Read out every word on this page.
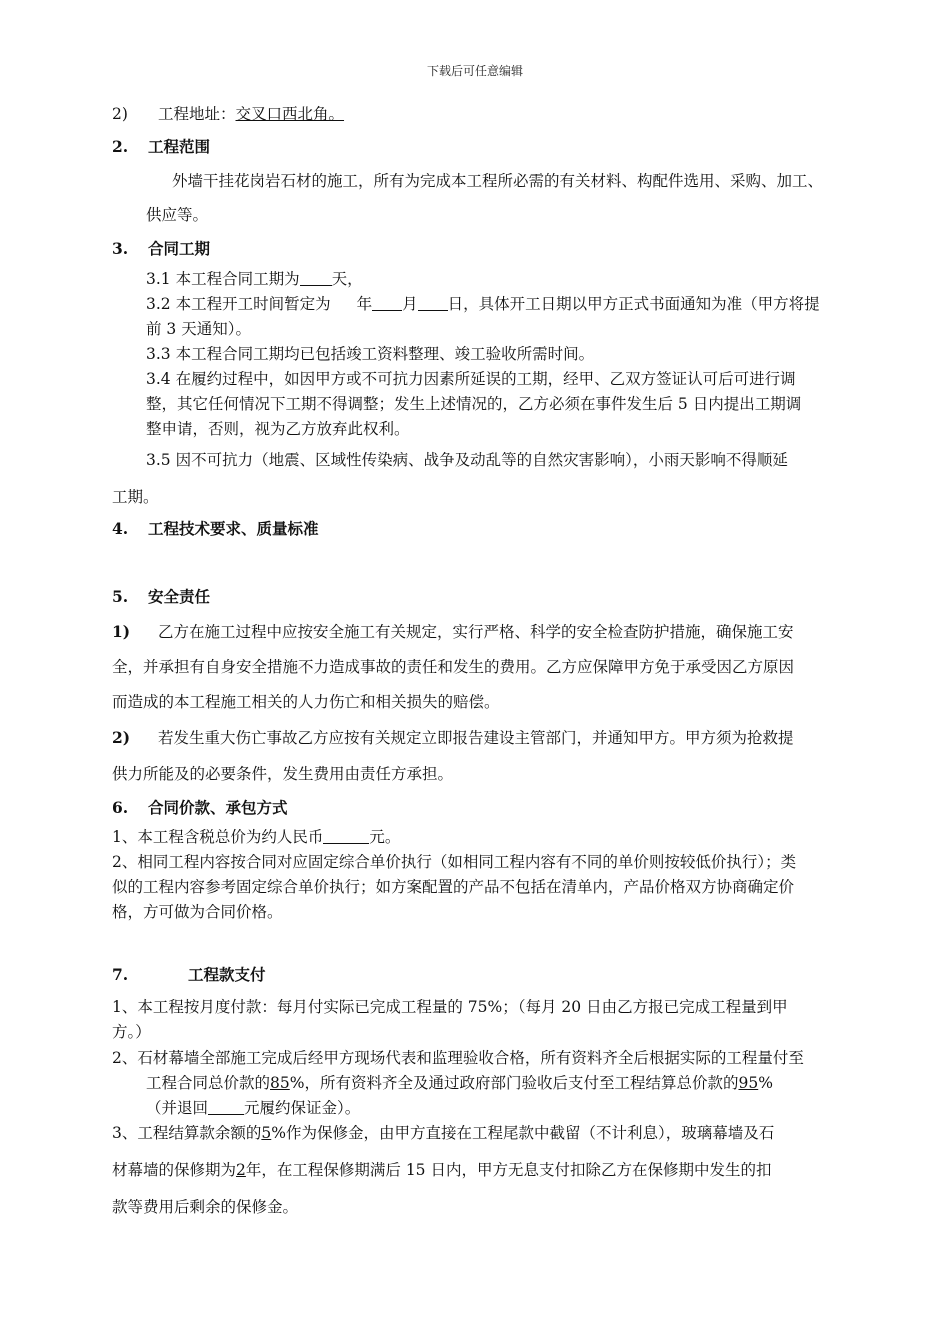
下载后可任意编辑
2) 工程地址：交叉口西北角。
2. 工程范围
外墙干挂花岗岩石材的施工，所有为完成本工程所必需的有关材料、构配件选用、采购、加工、
供应等。
3. 合同工期
3.1 本工程合同工期为 天，
3.2 本工程开工时间暂定为 年 月 日，具体开工日期以甲方正式书面通知为准（甲方将提
前 3 天通知）。
3.3 本工程合同工期均已包括竣工资料整理、竣工验收所需时间。
3.4 在履约过程中，如因甲方或不可抗力因素所延误的工期，经甲、乙双方签证认可后可进行调
整，其它任何情况下工期不得调整；发生上述情况的，乙方必须在事件发生后 5 日内提出工期调
整申请，否则，视为乙方放弃此权利。
3.5 因不可抗力（地震、区域性传染病、战争及动乱等的自然灾害影响），小雨天影响不得顺延
工期。
4. 工程技术要求、质量标准
5. 安全责任
1) 乙方在施工过程中应按安全施工有关规定，实行严格、科学的安全检查防护措施，确保施工安
全，并承担有自身安全措施不力造成事故的责任和发生的费用。乙方应保障甲方免于承受因乙方原因
而造成的本工程施工相关的人力伤亡和相关损失的赔偿。
2) 若发生重大伤亡事故乙方应按有关规定立即报告建设主管部门，并通知甲方。甲方须为抢救提
供力所能及的必要条件，发生费用由责任方承担。
6. 合同价款、承包方式
1、本工程含税总价为约人民币	元。
2、相同工程内容按合同对应固定综合单价执行（如相同工程内容有不同的单价则按较低价执行）；类
似的工程内容参考固定综合单价执行；如方案配置的产品不包括在清单内，产品价格双方协商确定价
格，方可做为合同价格。
7.	工程款支付
1、本工程按月度付款：每月付实际已完成工程量的 75%；（每月 20 日由乙方报已完成工程量到甲
方。）
2、石材幕墙全部施工完成后经甲方现场代表和监理验收合格，所有资料齐全后根据实际的工程量付至
工程合同总价款的85%，所有资料齐全及通过政府部门验收后支付至工程结算总价款的95%
（并退回 元履约保证金）。
3、工程结算款余额的5%作为保修金，由甲方直接在工程尾款中截留（不计利息），玻璃幕墙及石
材幕墙的保修期为2年，在工程保修期满后 15 日内，甲方无息支付扣除乙方在保修期中发生的扣
款等费用后剩余的保修金。
